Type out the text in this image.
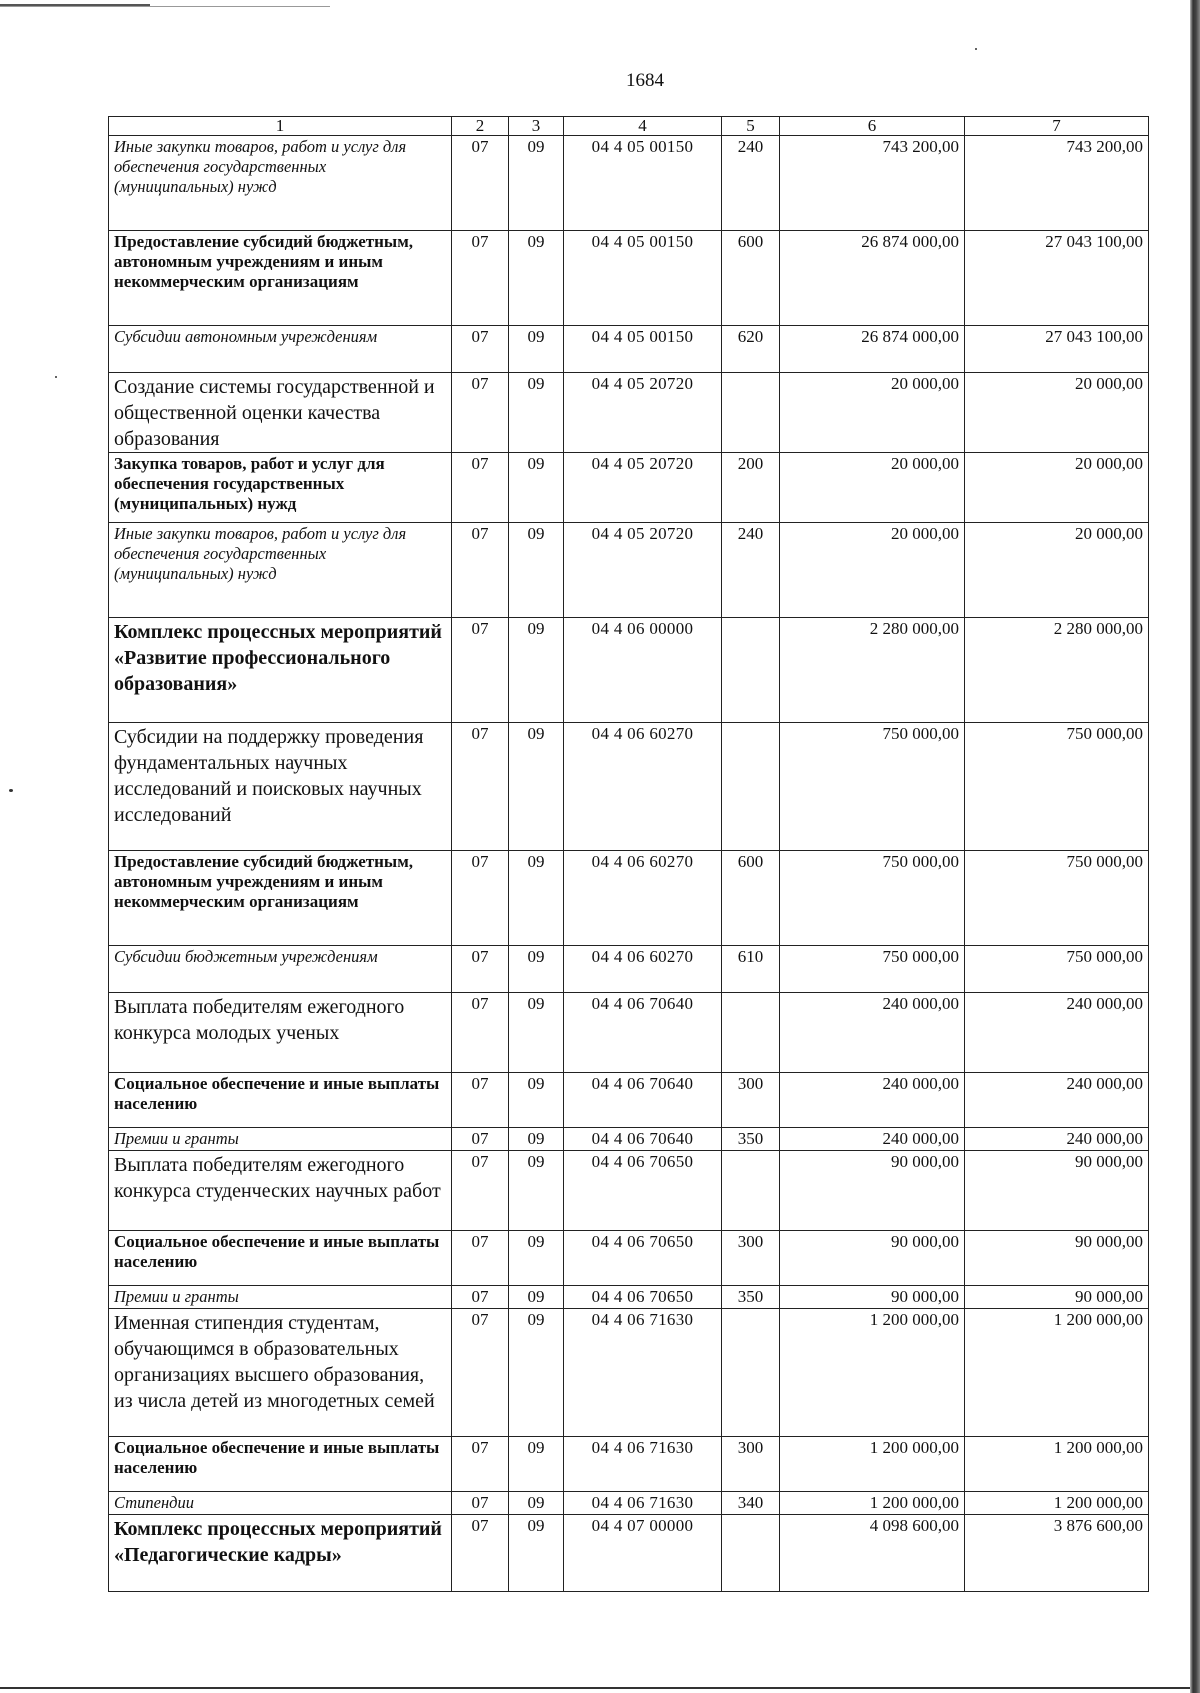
1684
1	2	3	4	5	6	7
Иные закупки товаров, работ и услуг для обеспечения государственных (муниципальных) нужд	07	09	04 4 05 00150	240	743 200,00	743 200,00
Предоставление субсидий бюджетным, автономным учреждениям и иным некоммерческим организациям	07	09	04 4 05 00150	600	26 874 000,00	27 043 100,00
Субсидии автономным учреждениям	07	09	04 4 05 00150	620	26 874 000,00	27 043 100,00
Создание системы государственной и общественной оценки качества образования	07	09	04 4 05 20720		20 000,00	20 000,00
Закупка товаров, работ и услуг для обеспечения государственных (муниципальных) нужд	07	09	04 4 05 20720	200	20 000,00	20 000,00
Иные закупки товаров, работ и услуг для обеспечения государственных (муниципальных) нужд	07	09	04 4 05 20720	240	20 000,00	20 000,00
Комплекс процессных мероприятий «Развитие профессионального образования»	07	09	04 4 06 00000		2 280 000,00	2 280 000,00
Субсидии на поддержку проведения фундаментальных научных исследований и поисковых научных исследований	07	09	04 4 06 60270		750 000,00	750 000,00
Предоставление субсидий бюджетным, автономным учреждениям и иным некоммерческим организациям	07	09	04 4 06 60270	600	750 000,00	750 000,00
Субсидии бюджетным учреждениям	07	09	04 4 06 60270	610	750 000,00	750 000,00
Выплата победителям ежегодного конкурса молодых ученых	07	09	04 4 06 70640		240 000,00	240 000,00
Социальное обеспечение и иные выплаты населению	07	09	04 4 06 70640	300	240 000,00	240 000,00
Премии и гранты	07	09	04 4 06 70640	350	240 000,00	240 000,00
Выплата победителям ежегодного конкурса студенческих научных работ	07	09	04 4 06 70650		90 000,00	90 000,00
Социальное обеспечение и иные выплаты населению	07	09	04 4 06 70650	300	90 000,00	90 000,00
Премии и гранты	07	09	04 4 06 70650	350	90 000,00	90 000,00
Именная стипендия студентам, обучающимся в образовательных организациях высшего образования, из числа детей из многодетных семей	07	09	04 4 06 71630		1 200 000,00	1 200 000,00
Социальное обеспечение и иные выплаты населению	07	09	04 4 06 71630	300	1 200 000,00	1 200 000,00
Стипендии	07	09	04 4 06 71630	340	1 200 000,00	1 200 000,00
Комплекс процессных мероприятий «Педагогические кадры»	07	09	04 4 07 00000		4 098 600,00	3 876 600,00
